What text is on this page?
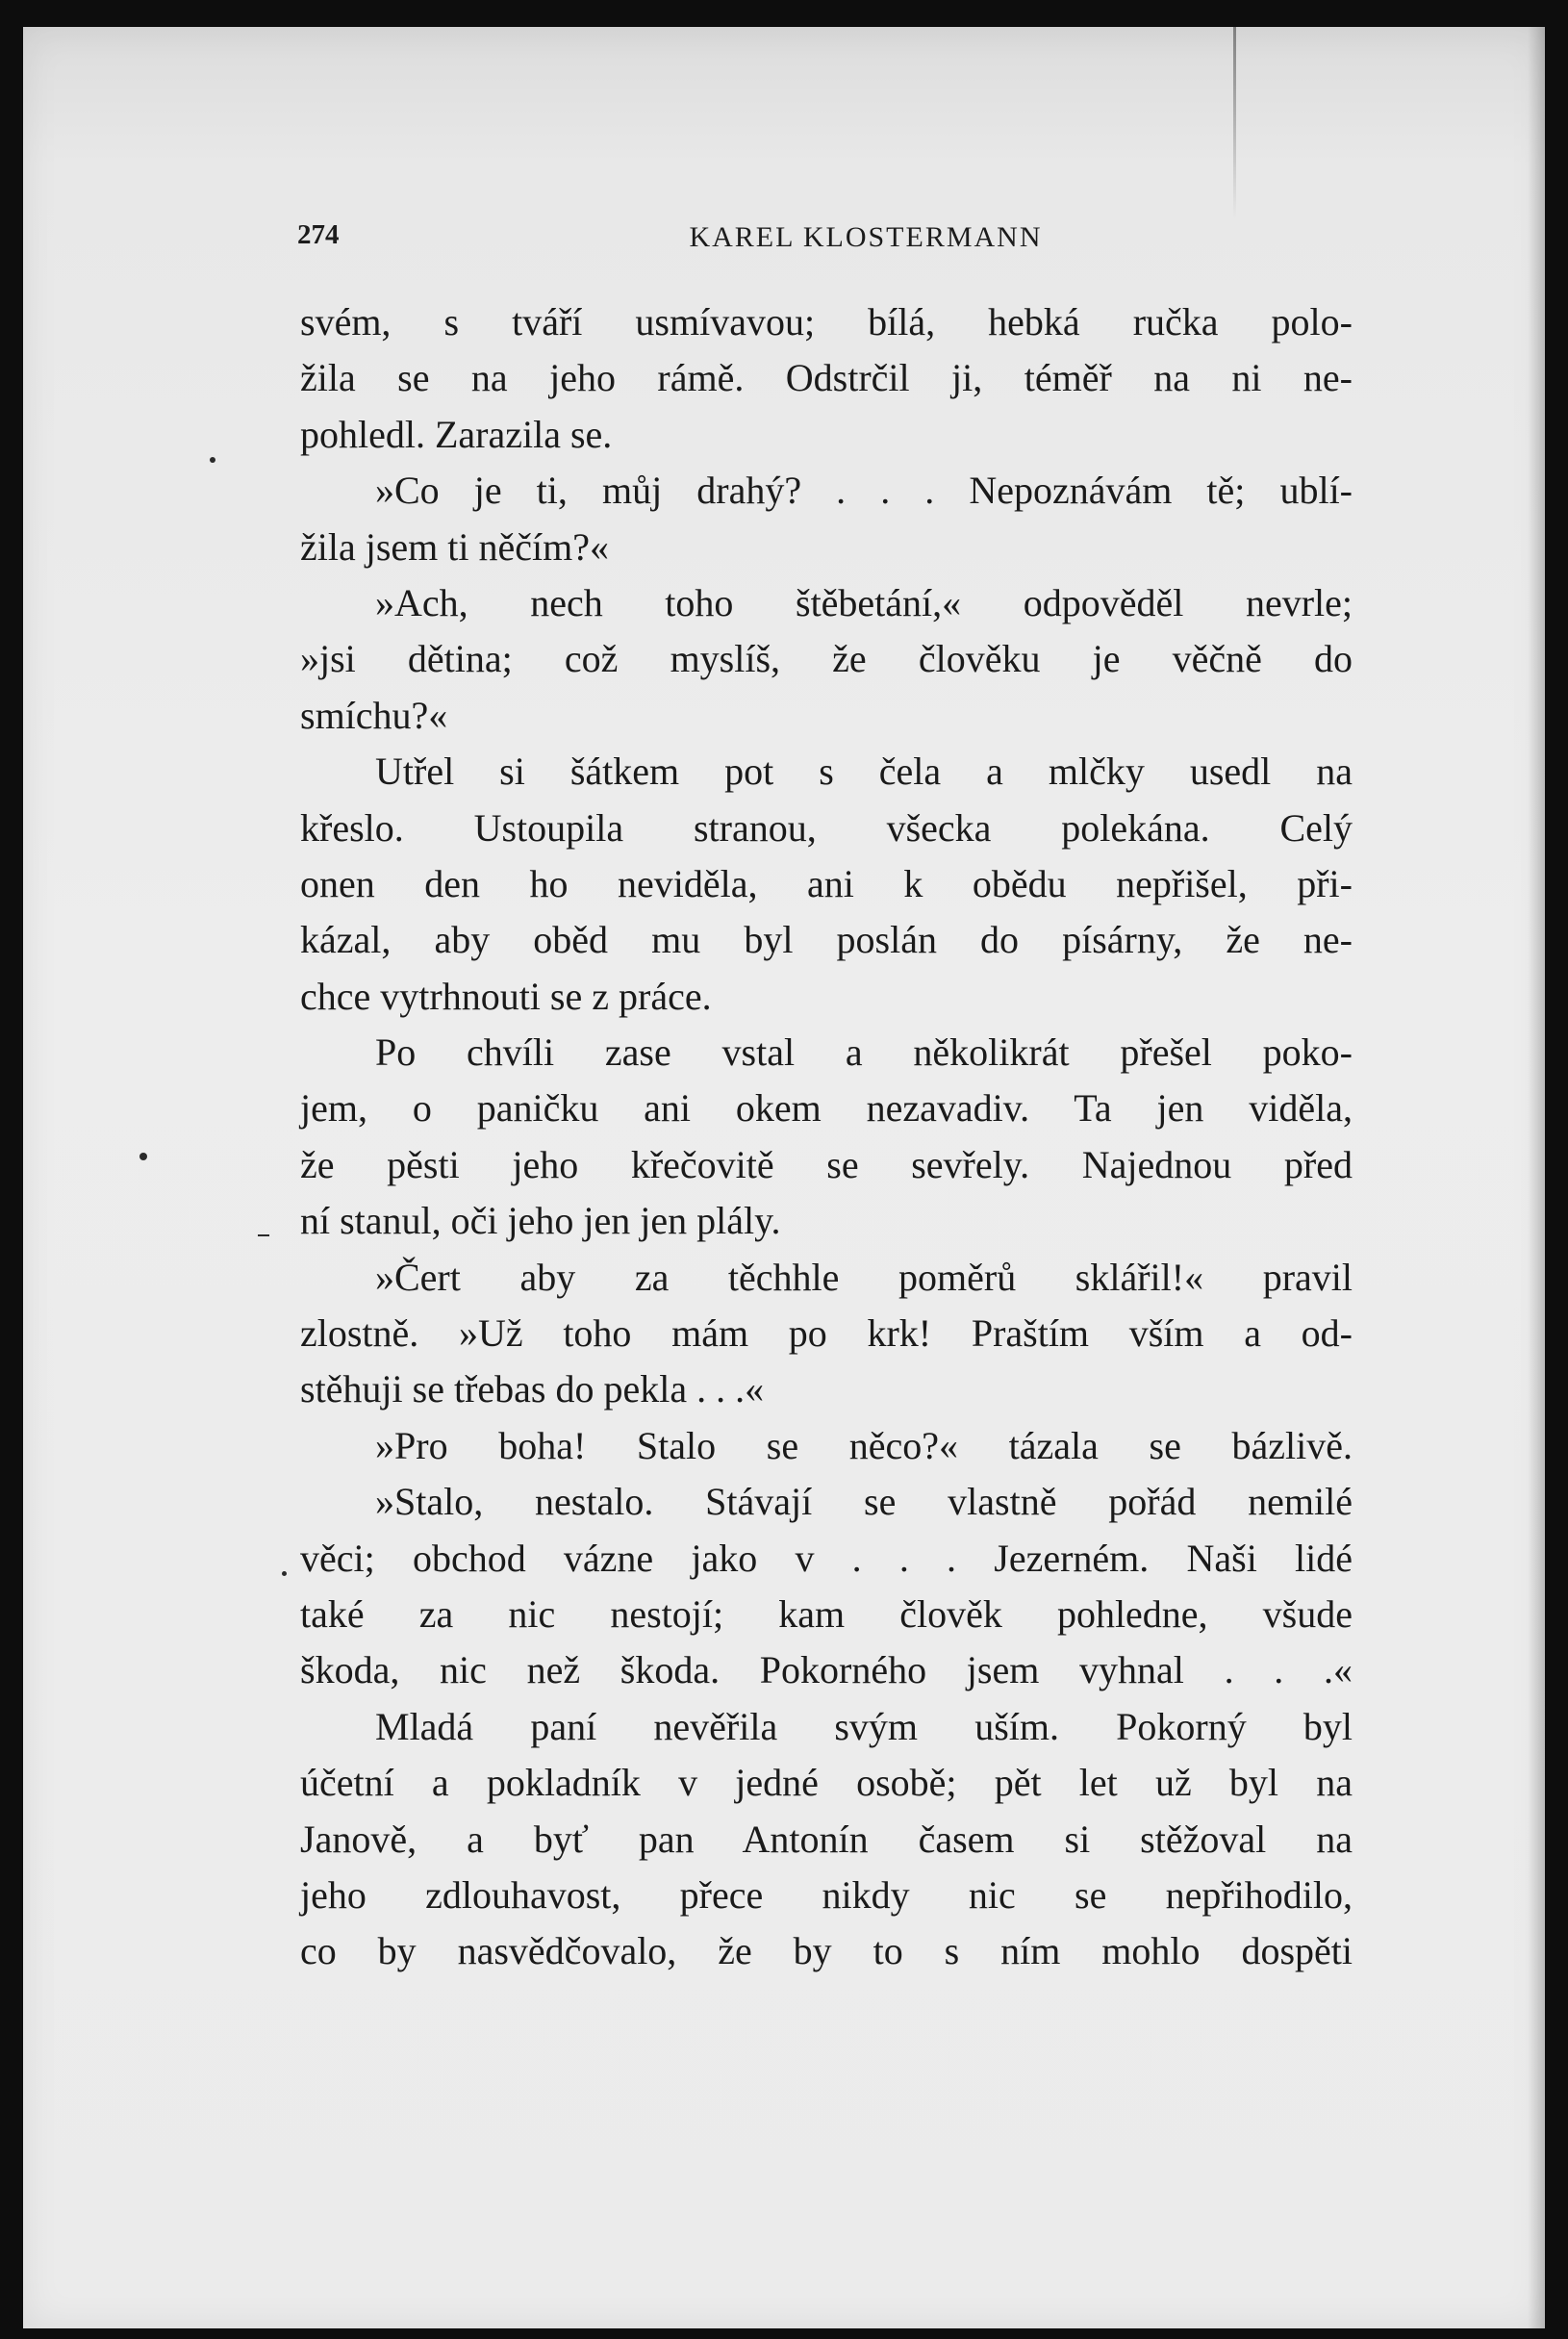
274	KAREL KLOSTERMANN
svém, s tváří usmívavou; bílá, hebká ručka polo-
žila se na jeho rámě. Odstrčil ji, téměř na ni ne-
pohledl. Zarazila se.
»Co je ti, můj drahý? . . . Nepoznávám tě; ublí-
žila jsem ti něčím?«
»Ach, nech toho štěbetání,« odpověděl nevrle;
»jsi dětina; což myslíš, že člověku je věčně do
smíchu?«
Utřel si šátkem pot s čela a mlčky usedl na
křeslo. Ustoupila stranou, všecka polekána. Celý
onen den ho neviděla, ani k obědu nepřišel, při-
kázal, aby oběd mu byl poslán do písárny, že ne-
chce vytrhnouti se z práce.
Po chvíli zase vstal a několikrát přešel poko-
jem, o paničku ani okem nezavadiv. Ta jen viděla,
že pěsti jeho křečovitě se sevřely. Najednou před
ní stanul, oči jeho jen jen plály.
»Čert aby za těchhle poměrů sklářil!« pravil
zlostně. »Už toho mám po krk! Praštím vším a od-
stěhuji se třebas do pekla . . .«
»Pro boha! Stalo se něco?« tázala se bázlivě.
»Stalo, nestalo. Stávají se vlastně pořád nemilé
věci; obchod vázne jako v . . . Jezerném. Naši lidé
také za nic nestojí; kam člověk pohledne, všude
škoda, nic než škoda. Pokorného jsem vyhnal . . .«
Mladá paní nevěřila svým uším. Pokorný byl
účetní a pokladník v jedné osobě; pět let už byl na
Janově, a byť pan Antonín časem si stěžoval na
jeho zdlouhavost, přece nikdy nic se nepřihodilo,
co by nasvědčovalo, že by to s ním mohlo dospěti
